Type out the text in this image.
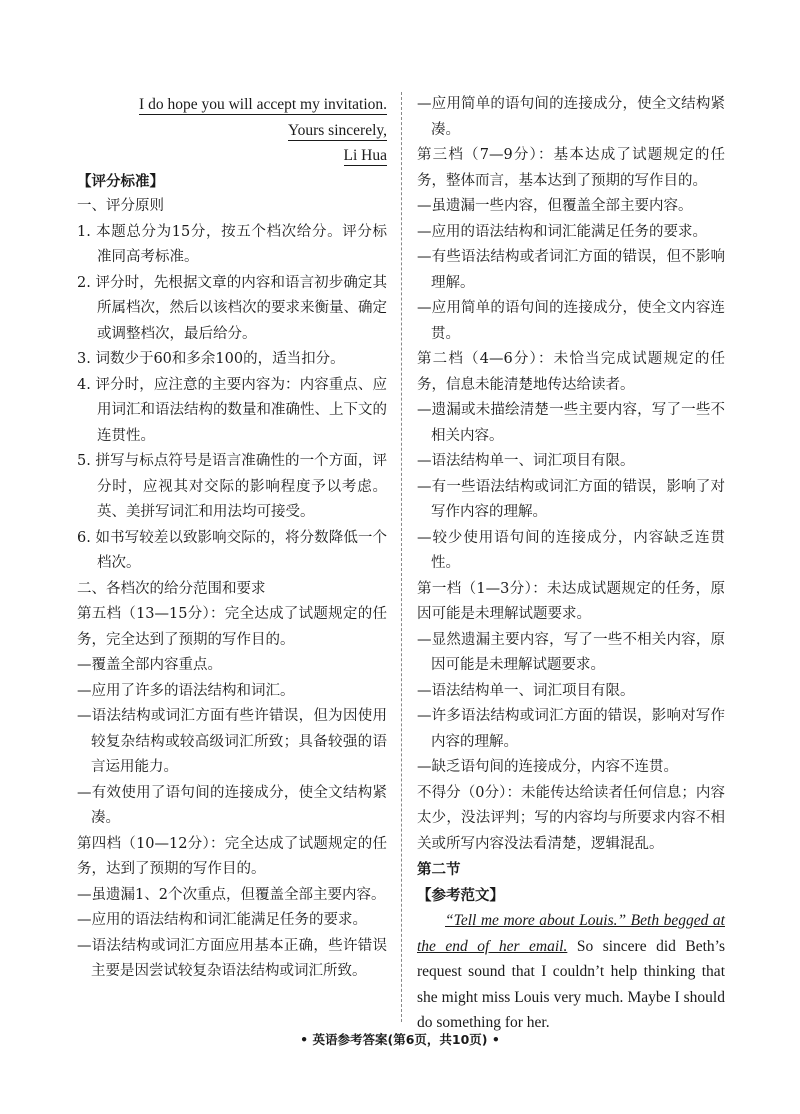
I do hope you will accept my invitation.

Yours sincerely,

Li Hua

【评分标准】

一、评分原则

1. 本题总分为15分，按五个档次给分。评分标准同高考标准。

2. 评分时，先根据文章的内容和语言初步确定其所属档次，然后以该档次的要求来衡量、确定或调整档次，最后给分。

3. 词数少于60和多余100的，适当扣分。

4. 评分时，应注意的主要内容为：内容重点、应用词汇和语法结构的数量和准确性、上下文的连贯性。

5. 拼写与标点符号是语言准确性的一个方面，评分时，应视其对交际的影响程度予以考虑。英、美拼写词汇和用法均可接受。

6. 如书写较差以致影响交际的，将分数降低一个档次。

二、各档次的给分范围和要求

第五档（13—15分）：完全达成了试题规定的任务，完全达到了预期的写作目的。

—覆盖全部内容重点。

—应用了许多的语法结构和词汇。

—语法结构或词汇方面有些许错误，但为因使用较复杂结构或较高级词汇所致；具备较强的语言运用能力。

—有效使用了语句间的连接成分，使全文结构紧凑。

第四档（10—12分）：完全达成了试题规定的任务，达到了预期的写作目的。

—虽遗漏1、2个次重点，但覆盖全部主要内容。

—应用的语法结构和词汇能满足任务的要求。

—语法结构或词汇方面应用基本正确，些许错误主要是因尝试较复杂语法结构或词汇所致。

—应用简单的语句间的连接成分，使全文结构紧凑。

第三档（7—9分）：基本达成了试题规定的任务，整体而言，基本达到了预期的写作目的。

—虽遗漏一些内容，但覆盖全部主要内容。

—应用的语法结构和词汇能满足任务的要求。

—有些语法结构或者词汇方面的错误，但不影响理解。

—应用简单的语句间的连接成分，使全文内容连贯。

第二档（4—6分）：未恰当完成试题规定的任务，信息未能清楚地传达给读者。

—遗漏或未描绘清楚一些主要内容，写了一些不相关内容。

—语法结构单一、词汇项目有限。

—有一些语法结构或词汇方面的错误，影响了对写作内容的理解。

—较少使用语句间的连接成分，内容缺乏连贯性。

第一档（1—3分）：未达成试题规定的任务，原因可能是未理解试题要求。

—显然遗漏主要内容，写了一些不相关内容，原因可能是未理解试题要求。

—语法结构单一、词汇项目有限。

—许多语法结构或词汇方面的错误，影响对写作内容的理解。

—缺乏语句间的连接成分，内容不连贯。

不得分（0分）：未能传达给读者任何信息；内容太少，没法评判；写的内容均与所要求内容不相关或所写内容没法看清楚，逻辑混乱。

第二节

【参考范文】

“Tell me more about Louis.” Beth begged at the end of her email. So sincere did Beth’s request sound that I couldn’t help thinking that she might miss Louis very much. Maybe I should do something for her.

• 英语参考答案(第6页，共10页) •
